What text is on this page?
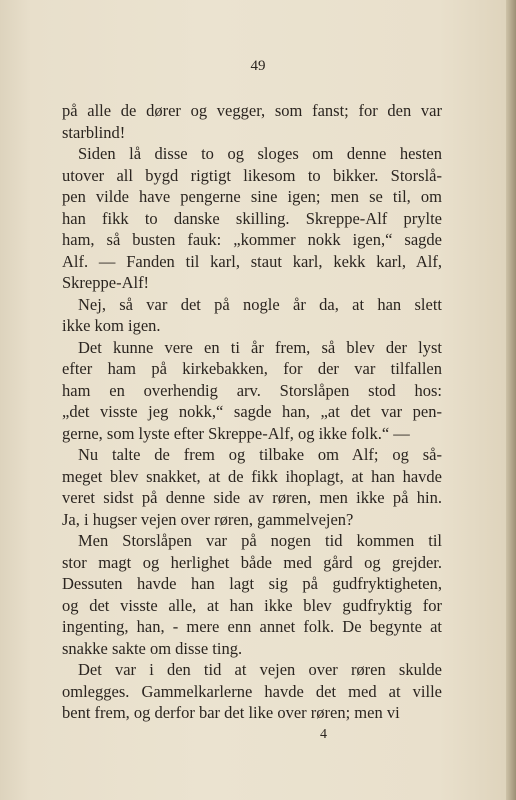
49
på alle de dører og vegger, som fanst; for den var
starblind!
Siden lå disse to og sloges om denne hesten
utover all bygd rigtigt likesom to bikker. Storslå-
pen vilde have pengerne sine igen; men se til, om
han fikk to danske skilling. Skreppe-Alf prylte
ham, så busten fauk: „kommer nokk igen,“ sagde
Alf. — Fanden til karl, staut karl, kekk karl, Alf,
Skreppe-Alf!
Nej, så var det på nogle år da, at han slett
ikke kom igen.
Det kunne vere en ti år frem, så blev der lyst
efter ham på kirkebakken, for der var tilfallen
ham en overhendig arv. Storslåpen stod hos:
„det visste jeg nokk,“ sagde han, „at det var pen-
gerne, som lyste efter Skreppe-Alf, og ikke folk.“ —
Nu talte de frem og tilbake om Alf; og så-
meget blev snakket, at de fikk ihoplagt, at han havde
veret sidst på denne side av røren, men ikke på hin.
Ja, i hugser vejen over røren, gammelvejen?
Men Storslåpen var på nogen tid kommen til
stor magt og herlighet både med gård og grejder.
Dessuten havde han lagt sig på gudfryktigheten,
og det visste alle, at han ikke blev gudfryktig for
ingenting, han, - mere enn annet folk. De begynte at
snakke sakte om disse ting.
Det var i den tid at vejen over røren skulde
omlegges. Gammelkarlerne havde det med at ville
bent frem, og derfor bar det like over røren; men vi
4
